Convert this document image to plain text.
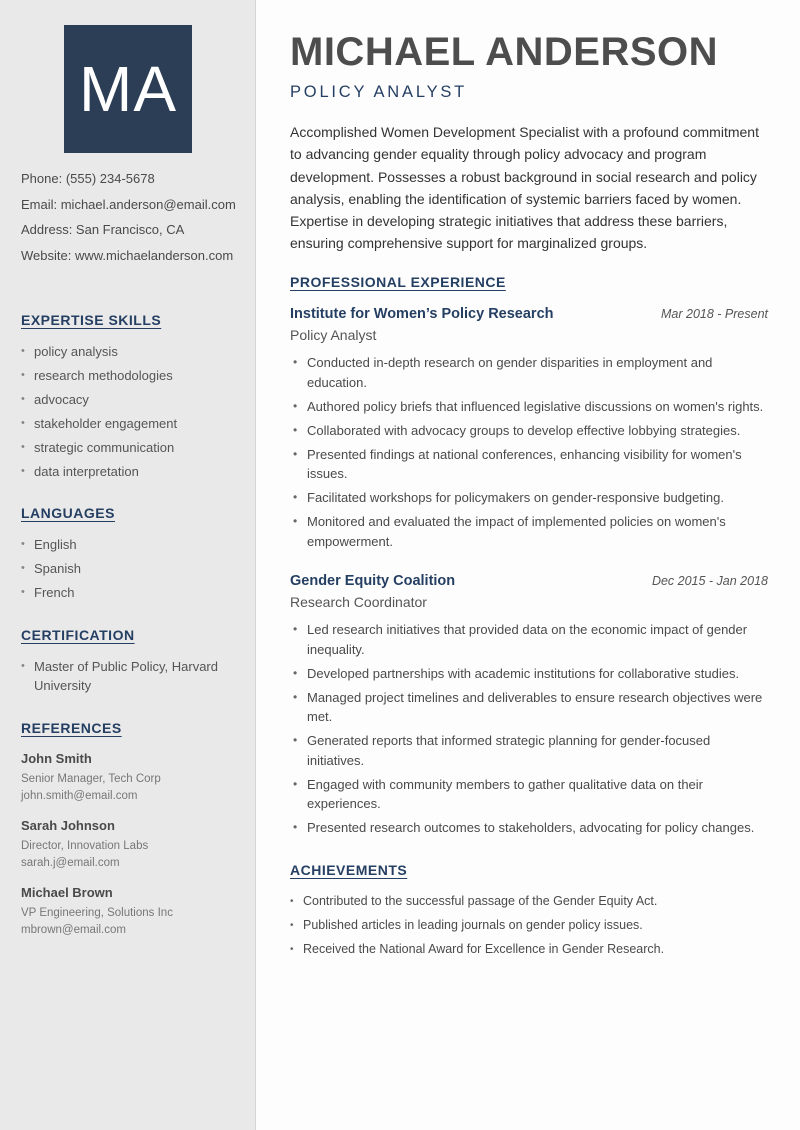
MA
Phone: (555) 234-5678
Email: michael.anderson@email.com
Address: San Francisco, CA
Website: www.michaelanderson.com
EXPERTISE SKILLS
• policy analysis
• research methodologies
• advocacy
• stakeholder engagement
• strategic communication
• data interpretation
LANGUAGES
• English
• Spanish
• French
CERTIFICATION
• Master of Public Policy, Harvard University
REFERENCES
John Smith
Senior Manager, Tech Corp
john.smith@email.com
Sarah Johnson
Director, Innovation Labs
sarah.j@email.com
Michael Brown
VP Engineering, Solutions Inc
mbrown@email.com
MICHAEL ANDERSON
POLICY ANALYST
Accomplished Women Development Specialist with a profound commitment to advancing gender equality through policy advocacy and program development. Possesses a robust background in social research and policy analysis, enabling the identification of systemic barriers faced by women. Expertise in developing strategic initiatives that address these barriers, ensuring comprehensive support for marginalized groups.
PROFESSIONAL EXPERIENCE
Institute for Women’s Policy Research	Mar 2018 - Present
Policy Analyst
• Conducted in-depth research on gender disparities in employment and education.
• Authored policy briefs that influenced legislative discussions on women's rights.
• Collaborated with advocacy groups to develop effective lobbying strategies.
• Presented findings at national conferences, enhancing visibility for women's issues.
• Facilitated workshops for policymakers on gender-responsive budgeting.
• Monitored and evaluated the impact of implemented policies on women's empowerment.
Gender Equity Coalition	Dec 2015 - Jan 2018
Research Coordinator
• Led research initiatives that provided data on the economic impact of gender inequality.
• Developed partnerships with academic institutions for collaborative studies.
• Managed project timelines and deliverables to ensure research objectives were met.
• Generated reports that informed strategic planning for gender-focused initiatives.
• Engaged with community members to gather qualitative data on their experiences.
• Presented research outcomes to stakeholders, advocating for policy changes.
ACHIEVEMENTS
• Contributed to the successful passage of the Gender Equity Act.
• Published articles in leading journals on gender policy issues.
• Received the National Award for Excellence in Gender Research.
